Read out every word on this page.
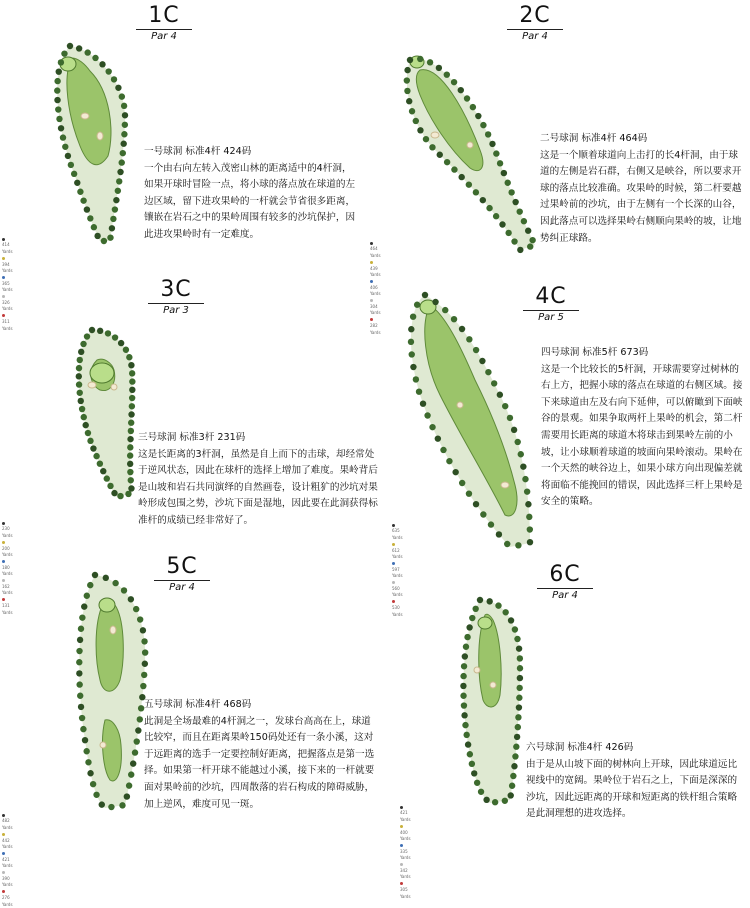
1C
Par 4
414 Yards
394 Yards
365 Yards
326 Yards
311 Yards
一号球洞 标准4杆 424码

一个由右向左转入茂密山林的距离适中的4杆洞，如果开球时冒险一点，将小球的落点放在球道的左边区域，留下进攻果岭的一杆就会节省很多距离，镶嵌在岩石之中的果岭周围有较多的沙坑保护，因此进攻果岭时有一定难度。

2C
Par 4
464 Yards
439 Yards
406 Yards
304 Yards
282 Yards
二号球洞 标准4杆 464码

这是一个顺着球道向上击打的长4杆洞，由于球道的左侧是岩石群，右侧又是峡谷，所以要求开球的落点比较准确。攻果岭的时候，第二杆要越过果岭前的沙坑，由于左侧有一个长深的山谷，因此落点可以选择果岭右侧顺向果岭的坡，让地势纠正球路。

3C
Par 3
230 Yards
200 Yards
180 Yards
162 Yards
131 Yards
三号球洞 标准3杆 231码

这是长距离的3杆洞，虽然是自上而下的击球，却经常处于逆风状态，因此在球杆的选择上增加了难度。果岭背后是山坡和岩石共同演绎的自然画卷，设计粗犷的沙坑对果岭形成包围之势，沙坑下面是湿地，因此要在此洞获得标准杆的成绩已经非常好了。

4C
Par 5
635 Yards
612 Yards
597 Yards
560 Yards
530 Yards
四号球洞 标准5杆 673码

这是一个比较长的5杆洞，开球需要穿过树林的右上方，把握小球的落点在球道的右侧区域。接下来球道由左及右向下延伸，可以俯瞰到下面峡谷的景观。如果争取两杆上果岭的机会，第二杆需要用长距离的球道木将球击到果岭左前的小坡，让小球顺着球道的坡面向果岭滚动。果岭在一个天然的峡谷边上，如果小球方向出现偏差就将面临不能挽回的错误，因此选择三杆上果岭是安全的策略。

5C
Par 4
482 Yards
442 Yards
421 Yards
390 Yards
276 Yards
五号球洞 标准4杆 468码

此洞是全场最难的4杆洞之一，发球台高高在上，球道比较窄，而且在距离果岭150码处还有一条小溪，这对于远距离的选手一定要控制好距离，把握落点是第一选择。如果第一杆开球不能越过小溪，接下来的一杆就要面对果岭前的沙坑，四周散落的岩石构成的障碍威胁，加上逆风，难度可见一斑。

6C
Par 4
421 Yards
400 Yards
335 Yards
342 Yards
305 Yards
六号球洞 标准4杆 426码

由于是从山坡下面的树林向上开球，因此球道远比视线中的宽阔。果岭位于岩石之上，下面是深深的沙坑，因此远距离的开球和短距离的铁杆组合策略是此洞理想的进攻选择。
